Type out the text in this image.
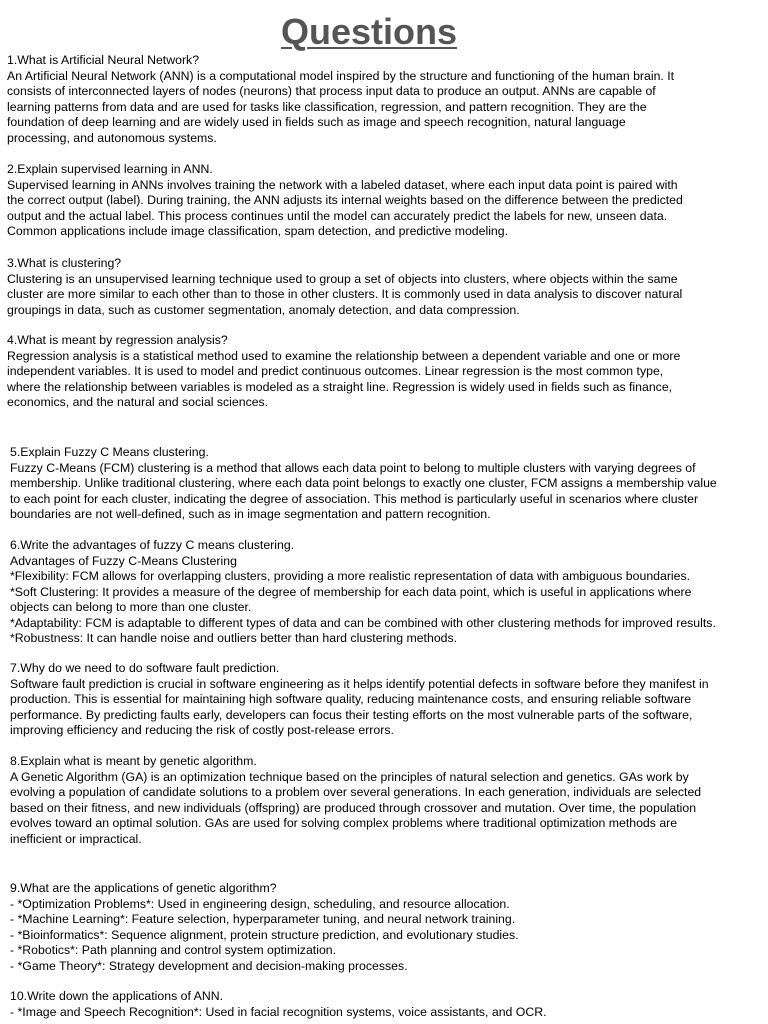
Questions

1.What is Artificial Neural Network?

An Artificial Neural Network (ANN) is a computational model inspired by the structure and functioning of the human brain. It

consists of interconnected layers of nodes (neurons) that process input data to produce an output. ANNs are capable of

learning patterns from data and are used for tasks like classification, regression, and pattern recognition. They are the

foundation of deep learning and are widely used in fields such as image and speech recognition, natural language

processing, and autonomous systems.

2.Explain supervised learning in ANN.

Supervised learning in ANNs involves training the network with a labeled dataset, where each input data point is paired with

the correct output (label). During training, the ANN adjusts its internal weights based on the difference between the predicted

output and the actual label. This process continues until the model can accurately predict the labels for new, unseen data.

Common applications include image classification, spam detection, and predictive modeling.

3.What is clustering?

Clustering is an unsupervised learning technique used to group a set of objects into clusters, where objects within the same

cluster are more similar to each other than to those in other clusters. It is commonly used in data analysis to discover natural

groupings in data, such as customer segmentation, anomaly detection, and data compression.

4.What is meant by regression analysis?

Regression analysis is a statistical method used to examine the relationship between a dependent variable and one or more

independent variables. It is used to model and predict continuous outcomes. Linear regression is the most common type,

where the relationship between variables is modeled as a straight line. Regression is widely used in fields such as finance,

economics, and the natural and social sciences.

5.Explain Fuzzy C Means clustering.

Fuzzy C-Means (FCM) clustering is a method that allows each data point to belong to multiple clusters with varying degrees of

membership. Unlike traditional clustering, where each data point belongs to exactly one cluster, FCM assigns a membership value

to each point for each cluster, indicating the degree of association. This method is particularly useful in scenarios where cluster

boundaries are not well-defined, such as in image segmentation and pattern recognition.

6.Write the advantages of fuzzy C means clustering.

Advantages of Fuzzy C-Means Clustering

*Flexibility: FCM allows for overlapping clusters, providing a more realistic representation of data with ambiguous boundaries.

*Soft Clustering: It provides a measure of the degree of membership for each data point, which is useful in applications where

objects can belong to more than one cluster.

*Adaptability: FCM is adaptable to different types of data and can be combined with other clustering methods for improved results.

*Robustness: It can handle noise and outliers better than hard clustering methods.

7.Why do we need to do software fault prediction.

Software fault prediction is crucial in software engineering as it helps identify potential defects in software before they manifest in

production. This is essential for maintaining high software quality, reducing maintenance costs, and ensuring reliable software

performance. By predicting faults early, developers can focus their testing efforts on the most vulnerable parts of the software,

improving efficiency and reducing the risk of costly post-release errors.

8.Explain what is meant by genetic algorithm.

A Genetic Algorithm (GA) is an optimization technique based on the principles of natural selection and genetics. GAs work by

evolving a population of candidate solutions to a problem over several generations. In each generation, individuals are selected

based on their fitness, and new individuals (offspring) are produced through crossover and mutation. Over time, the population

evolves toward an optimal solution. GAs are used for solving complex problems where traditional optimization methods are

inefficient or impractical.

9.What are the applications of genetic algorithm?

- *Optimization Problems*: Used in engineering design, scheduling, and resource allocation.

- *Machine Learning*: Feature selection, hyperparameter tuning, and neural network training.

- *Bioinformatics*: Sequence alignment, protein structure prediction, and evolutionary studies.

- *Robotics*: Path planning and control system optimization.

- *Game Theory*: Strategy development and decision-making processes.

10.Write down the applications of ANN.

- *Image and Speech Recognition*: Used in facial recognition systems, voice assistants, and OCR.
